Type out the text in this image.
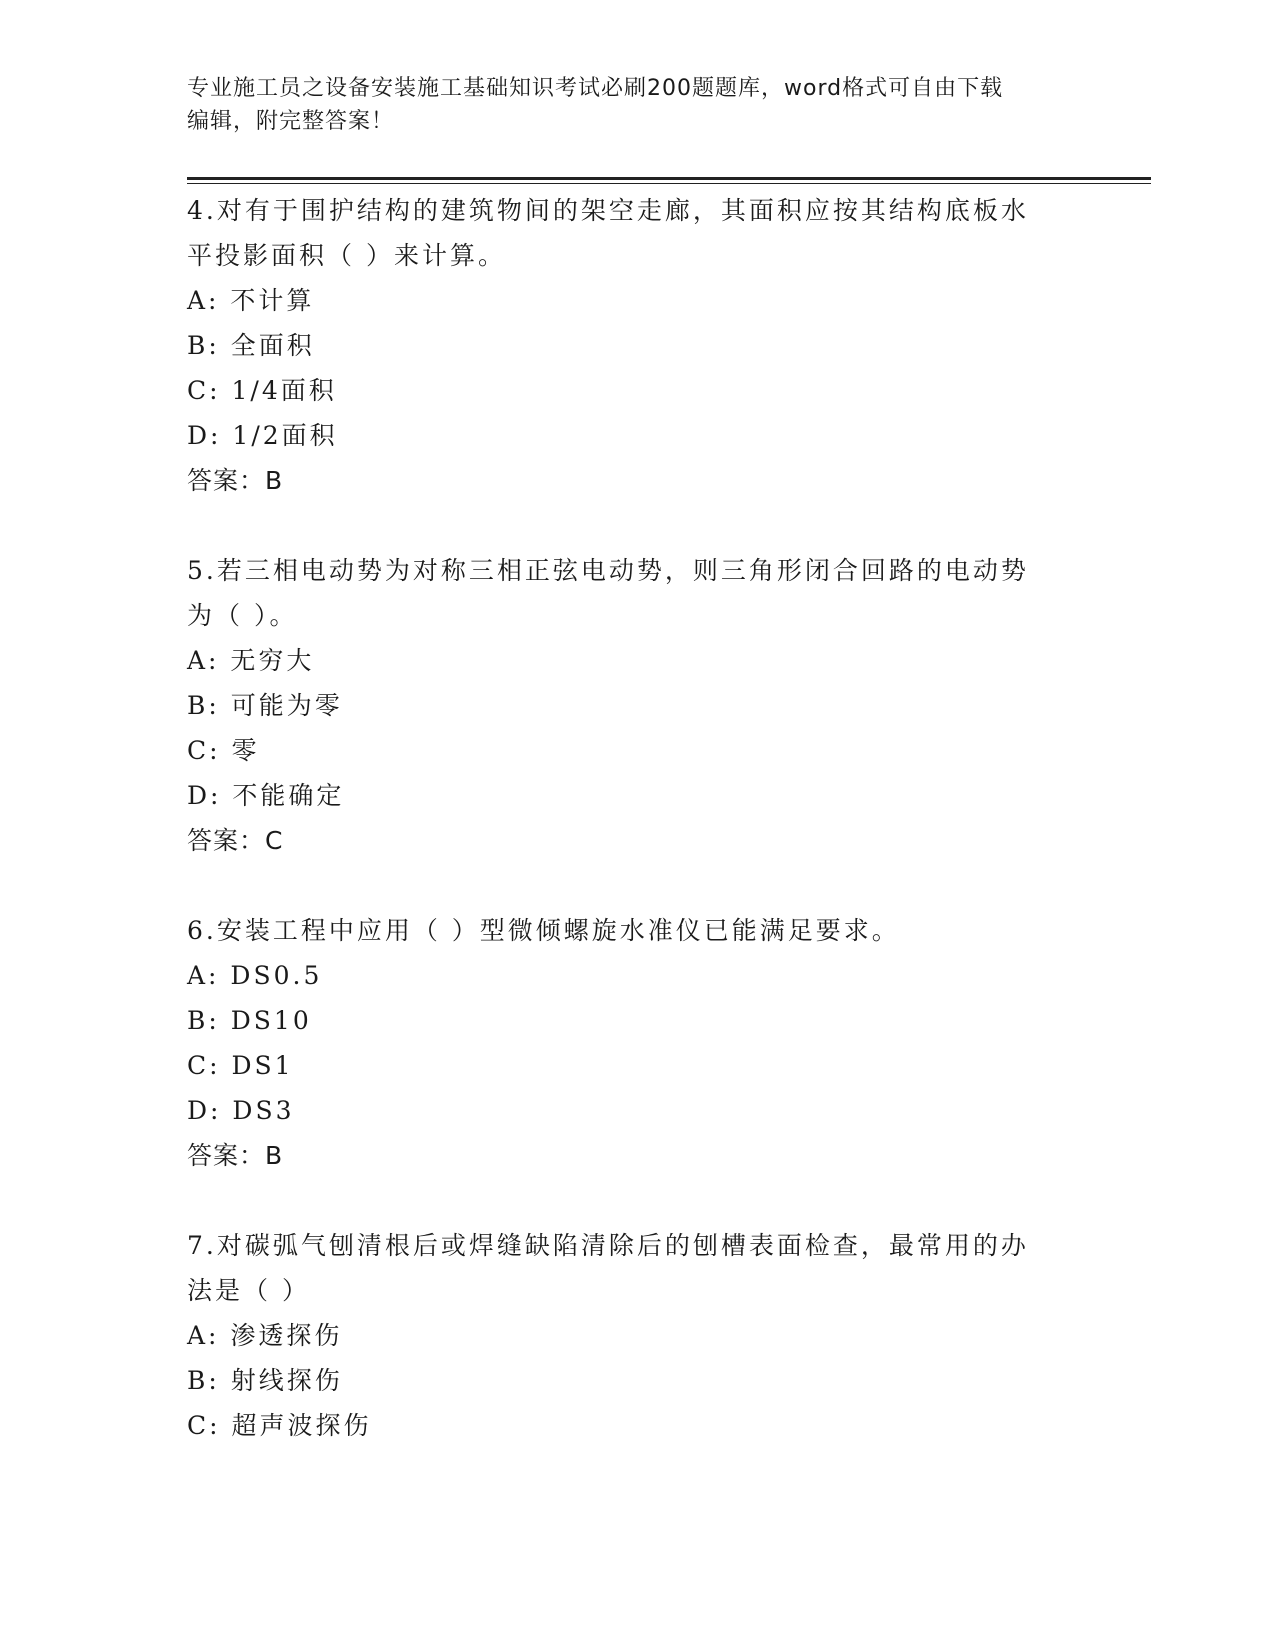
专业施工员之设备安装施工基础知识考试必刷200题题库，word格式可自由下载
编辑，附完整答案！

4.对有于围护结构的建筑物间的架空走廊，其面积应按其结构底板水

平投影面积（ ）来计算。

A: 不计算

B: 全面积

C: 1/4面积

D: 1/2面积

答案：B

5.若三相电动势为对称三相正弦电动势，则三角形闭合回路的电动势

为（ ）。

A: 无穷大

B: 可能为零

C: 零

D: 不能确定

答案：C

6.安装工程中应用（ ）型微倾螺旋水准仪已能满足要求。

A: DS0.5

B: DS10

C: DS1

D: DS3

答案：B

7.对碳弧气刨清根后或焊缝缺陷清除后的刨槽表面检查，最常用的办

法是（ ）

A: 渗透探伤

B: 射线探伤

C: 超声波探伤
